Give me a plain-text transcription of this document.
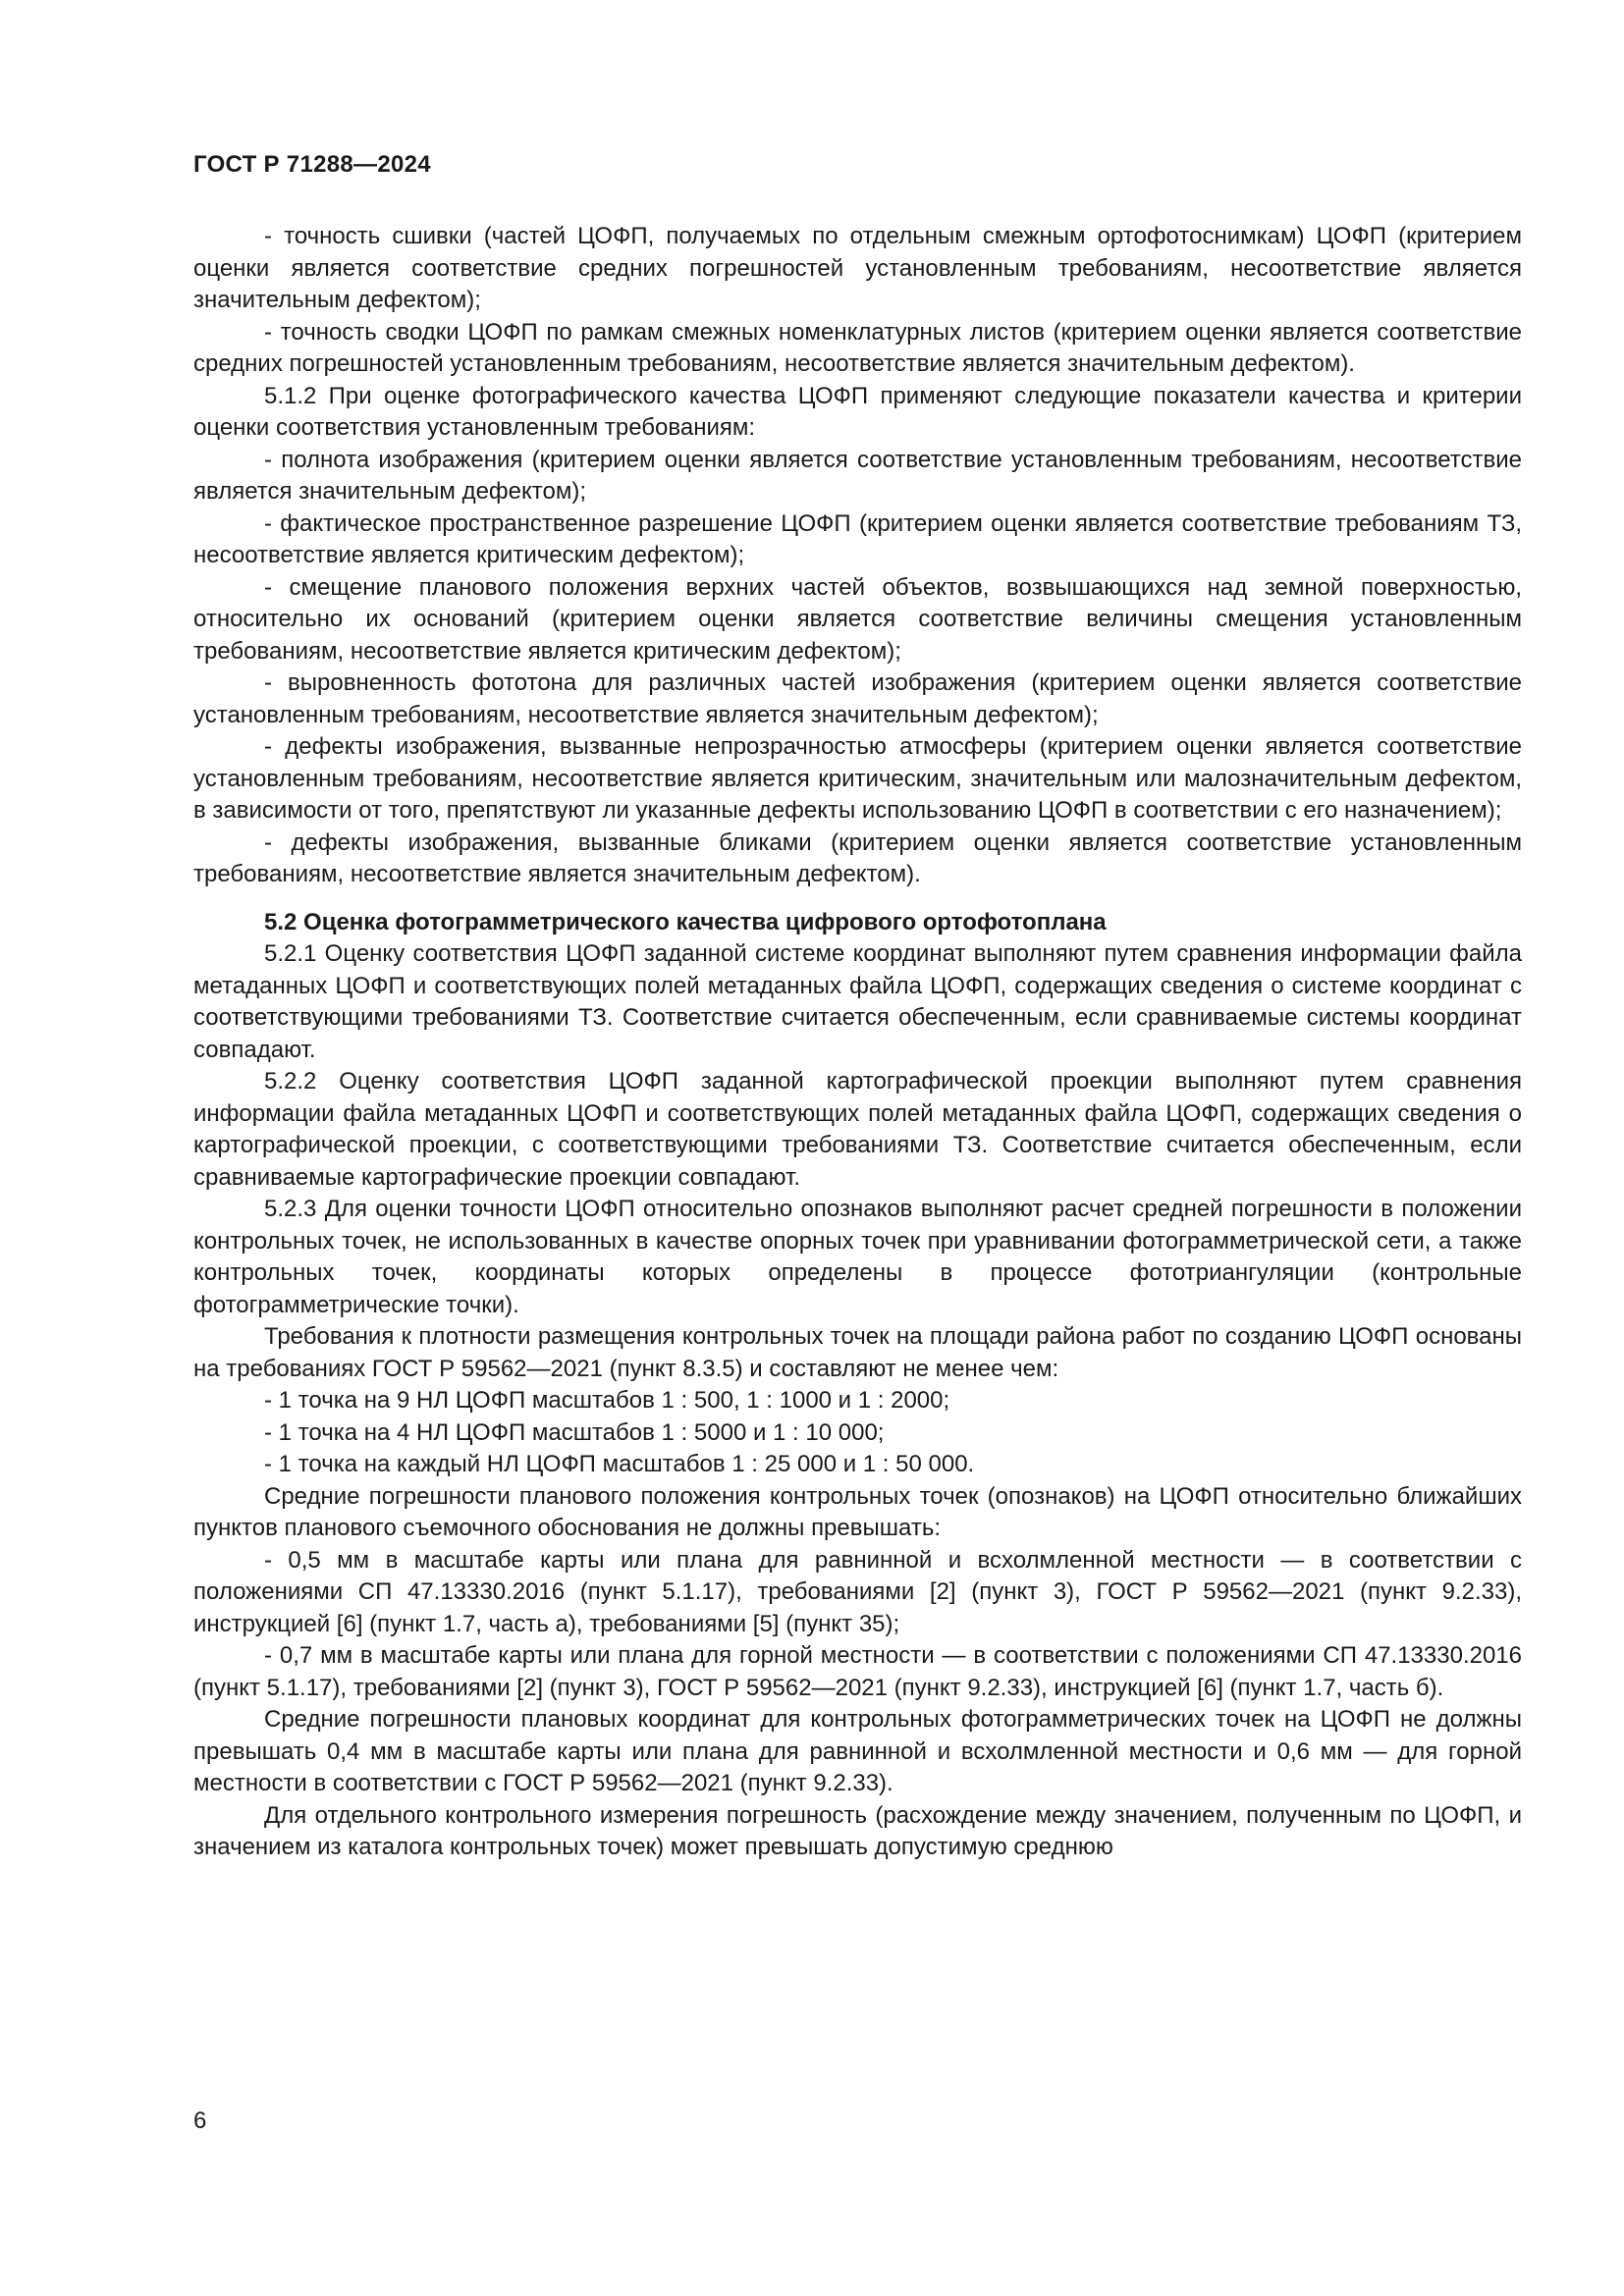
ГОСТ Р 71288—2024

- точность сшивки (частей ЦОФП, получаемых по отдельным смежным ортофотоснимкам) ЦОФП (критерием оценки является соответствие средних погрешностей установленным требованиям, несоответствие является значительным дефектом);

- точность сводки ЦОФП по рамкам смежных номенклатурных листов (критерием оценки является соответствие средних погрешностей установленным требованиям, несоответствие является значительным дефектом).

5.1.2 При оценке фотографического качества ЦОФП применяют следующие показатели качества и критерии оценки соответствия установленным требованиям:

- полнота изображения (критерием оценки является соответствие установленным требованиям, несоответствие является значительным дефектом);

- фактическое пространственное разрешение ЦОФП (критерием оценки является соответствие требованиям ТЗ, несоответствие является критическим дефектом);

- смещение планового положения верхних частей объектов, возвышающихся над земной поверхностью, относительно их оснований (критерием оценки является соответствие величины смещения установленным требованиям, несоответствие является критическим дефектом);

- выровненность фототона для различных частей изображения (критерием оценки является соответствие установленным требованиям, несоответствие является значительным дефектом);

- дефекты изображения, вызванные непрозрачностью атмосферы (критерием оценки является соответствие установленным требованиям, несоответствие является критическим, значительным или малозначительным дефектом, в зависимости от того, препятствуют ли указанные дефекты использованию ЦОФП в соответствии с его назначением);

- дефекты изображения, вызванные бликами (критерием оценки является соответствие установленным требованиям, несоответствие является значительным дефектом).

5.2 Оценка фотограмметрического качества цифрового ортофотоплана

5.2.1 Оценку соответствия ЦОФП заданной системе координат выполняют путем сравнения информации файла метаданных ЦОФП и соответствующих полей метаданных файла ЦОФП, содержащих сведения о системе координат с соответствующими требованиями ТЗ. Соответствие считается обеспеченным, если сравниваемые системы координат совпадают.

5.2.2 Оценку соответствия ЦОФП заданной картографической проекции выполняют путем сравнения информации файла метаданных ЦОФП и соответствующих полей метаданных файла ЦОФП, содержащих сведения о картографической проекции, с соответствующими требованиями ТЗ. Соответствие считается обеспеченным, если сравниваемые картографические проекции совпадают.

5.2.3 Для оценки точности ЦОФП относительно опознаков выполняют расчет средней погрешности в положении контрольных точек, не использованных в качестве опорных точек при уравнивании фотограмметрической сети, а также контрольных точек, координаты которых определены в процессе фототриангуляции (контрольные фотограмметрические точки).

Требования к плотности размещения контрольных точек на площади района работ по созданию ЦОФП основаны на требованиях ГОСТ Р 59562—2021 (пункт 8.3.5) и составляют не менее чем:

- 1 точка на 9 НЛ ЦОФП масштабов 1 : 500, 1 : 1000 и 1 : 2000;

- 1 точка на 4 НЛ ЦОФП масштабов 1 : 5000 и 1 : 10 000;

- 1 точка на каждый НЛ ЦОФП масштабов 1 : 25 000 и 1 : 50 000.

Средние погрешности планового положения контрольных точек (опознаков) на ЦОФП относительно ближайших пунктов планового съемочного обоснования не должны превышать:

- 0,5 мм в масштабе карты или плана для равнинной и всхолмленной местности — в соответствии с положениями СП 47.13330.2016 (пункт 5.1.17), требованиями [2] (пункт 3), ГОСТ Р 59562—2021 (пункт 9.2.33), инструкцией [6] (пункт 1.7, часть а), требованиями [5] (пункт 35);

- 0,7 мм в масштабе карты или плана для горной местности — в соответствии с положениями СП 47.13330.2016 (пункт 5.1.17), требованиями [2] (пункт 3), ГОСТ Р 59562—2021 (пункт 9.2.33), инструкцией [6] (пункт 1.7, часть б).

Средние погрешности плановых координат для контрольных фотограмметрических точек на ЦОФП не должны превышать 0,4 мм в масштабе карты или плана для равнинной и всхолмленной местности и 0,6 мм — для горной местности в соответствии с ГОСТ Р 59562—2021 (пункт 9.2.33).

Для отдельного контрольного измерения погрешность (расхождение между значением, полученным по ЦОФП, и значением из каталога контрольных точек) может превышать допустимую среднюю

6
